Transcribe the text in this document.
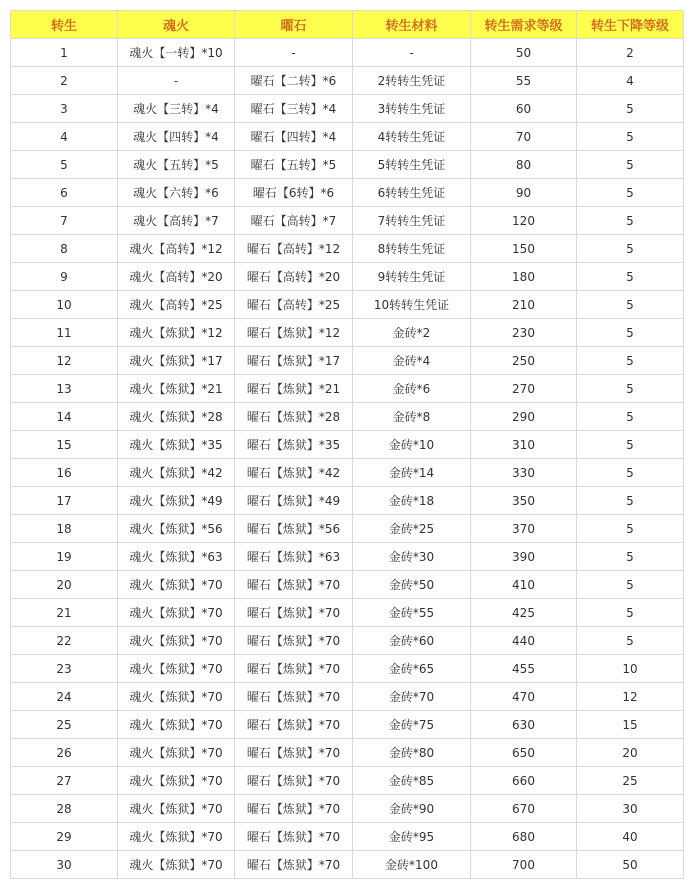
转生	魂火	曜石	转生材料	转生需求等级	转生下降等级
1	魂火【一转】*10	-	-	50	2
2	-	曜石【二转】*6	2转转生凭证	55	4
3	魂火【三转】*4	曜石【三转】*4	3转转生凭证	60	5
4	魂火【四转】*4	曜石【四转】*4	4转转生凭证	70	5
5	魂火【五转】*5	曜石【五转】*5	5转转生凭证	80	5
6	魂火【六转】*6	曜石【6转】*6	6转转生凭证	90	5
7	魂火【高转】*7	曜石【高转】*7	7转转生凭证	120	5
8	魂火【高转】*12	曜石【高转】*12	8转转生凭证	150	5
9	魂火【高转】*20	曜石【高转】*20	9转转生凭证	180	5
10	魂火【高转】*25	曜石【高转】*25	10转转生凭证	210	5
11	魂火【炼狱】*12	曜石【炼狱】*12	金砖*2	230	5
12	魂火【炼狱】*17	曜石【炼狱】*17	金砖*4	250	5
13	魂火【炼狱】*21	曜石【炼狱】*21	金砖*6	270	5
14	魂火【炼狱】*28	曜石【炼狱】*28	金砖*8	290	5
15	魂火【炼狱】*35	曜石【炼狱】*35	金砖*10	310	5
16	魂火【炼狱】*42	曜石【炼狱】*42	金砖*14	330	5
17	魂火【炼狱】*49	曜石【炼狱】*49	金砖*18	350	5
18	魂火【炼狱】*56	曜石【炼狱】*56	金砖*25	370	5
19	魂火【炼狱】*63	曜石【炼狱】*63	金砖*30	390	5
20	魂火【炼狱】*70	曜石【炼狱】*70	金砖*50	410	5
21	魂火【炼狱】*70	曜石【炼狱】*70	金砖*55	425	5
22	魂火【炼狱】*70	曜石【炼狱】*70	金砖*60	440	5
23	魂火【炼狱】*70	曜石【炼狱】*70	金砖*65	455	10
24	魂火【炼狱】*70	曜石【炼狱】*70	金砖*70	470	12
25	魂火【炼狱】*70	曜石【炼狱】*70	金砖*75	630	15
26	魂火【炼狱】*70	曜石【炼狱】*70	金砖*80	650	20
27	魂火【炼狱】*70	曜石【炼狱】*70	金砖*85	660	25
28	魂火【炼狱】*70	曜石【炼狱】*70	金砖*90	670	30
29	魂火【炼狱】*70	曜石【炼狱】*70	金砖*95	680	40
30	魂火【炼狱】*70	曜石【炼狱】*70	金砖*100	700	50
